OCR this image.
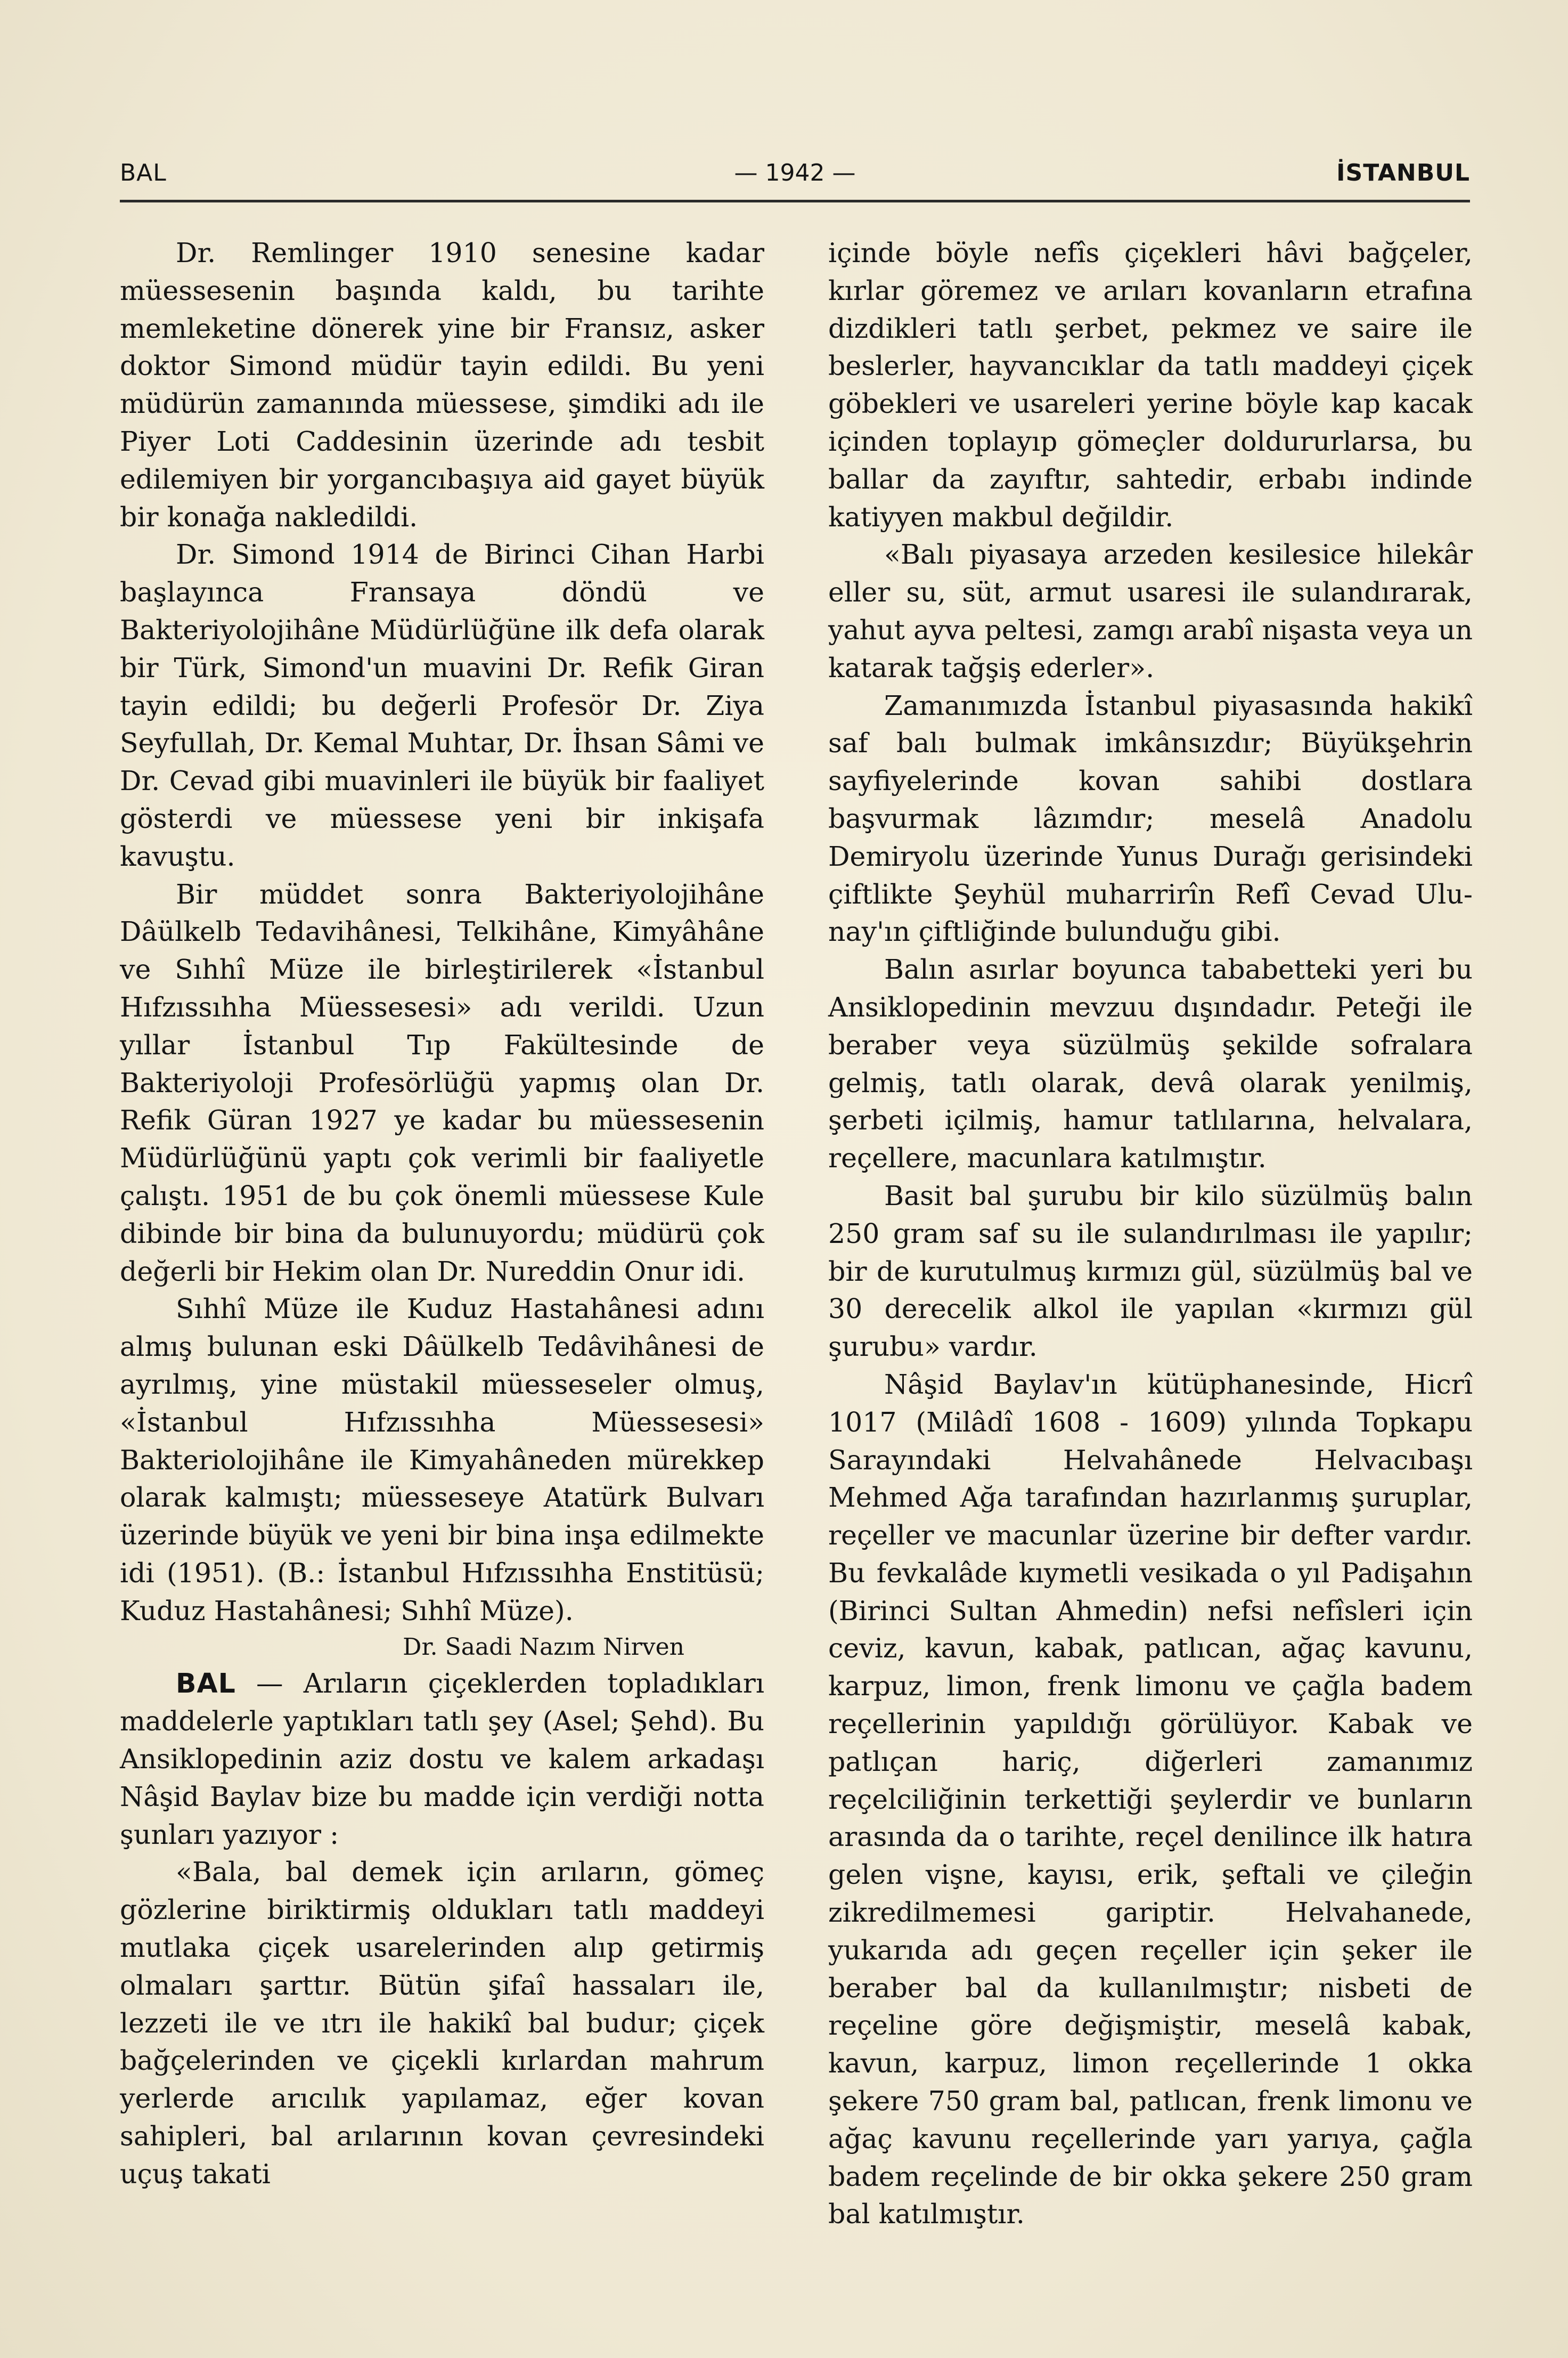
BAL	— 1942 —	İSTANBUL

Dr. Remlinger 1910 senesine kadar müessesenin başında kaldı, bu tarihte memleketine dönerek yine bir Fransız, asker doktor Simond müdür tayin edildi. Bu yeni müdürün zamanında müessese, şimdiki adı ile Piyer Loti Caddesinin üzerinde adı tesbit edilemiyen bir yorgancıbaşıya aid gayet büyük bir konağa nakledildi.

Dr. Simond 1914 de Birinci Cihan Harbi başlayınca Fransaya döndü ve Bakteriyolojihâne Müdürlüğüne ilk defa olarak bir Türk, Simond'un muavini Dr. Refik Giran tayin edildi; bu değerli Profesör Dr. Ziya Seyfullah, Dr. Kemal Muhtar, Dr. İhsan Sâmi ve Dr. Cevad gibi muavinleri ile büyük bir faaliyet gösterdi ve müessese yeni bir inkişafa kavuştu.

Bir müddet sonra Bakteriyolojihâne Dâülkelb Tedavihânesi, Telkihâne, Kimyâhâne ve Sıhhî Müze ile birleştirilerek «İstanbul Hıfzıssıhha Müessesesi» adı verildi. Uzun yıllar İstanbul Tıp Fakültesinde de Bakteriyoloji Profesörlüğü yapmış olan Dr. Refik Güran 1927 ye kadar bu müessesenin Müdürlüğünü yaptı çok verimli bir faaliyetle çalıştı. 1951 de bu çok önemli müessese Kule dibinde bir bina da bulunuyordu; müdürü çok değerli bir Hekim olan Dr. Nureddin Onur idi.

Sıhhî Müze ile Kuduz Hastahânesi adını almış bulunan eski Dâülkelb Tedâvihânesi de ayrılmış, yine müstakil müesseseler olmuş, «İstanbul Hıfzıssıhha Müessesesi» Bakteriolojihâne ile Kimyahâneden mürekkep olarak kalmıştı; müesseseye Atatürk Bulvarı üzerinde büyük ve yeni bir bina inşa edilmekte idi (1951). (B.: İstanbul Hıfzıssıhha Enstitüsü; Kuduz Hastahânesi; Sıhhî Müze).

Dr. Saadi Nazım Nirven

BAL — Arıların çiçeklerden topladıkları maddelerle yaptıkları tatlı şey (Asel; Şehd). Bu Ansiklopedinin aziz dostu ve kalem arkadaşı Nâşid Baylav bize bu madde için verdiği notta şunları yazıyor :

«Bala, bal demek için arıların, gömeç gözlerine biriktirmiş oldukları tatlı maddeyi mutlaka çiçek usarelerinden alıp getirmiş olmaları şarttır. Bütün şifaî hassaları ile, lezzeti ile ve ıtrı ile hakikî bal budur; çiçek bağçelerinden ve çiçekli kırlardan mahrum yerlerde arıcılık yapılamaz, eğer kovan sahipleri, bal arılarının kovan çevresindeki uçuş takati

içinde böyle nefîs çiçekleri hâvi bağçeler, kırlar göremez ve arıları kovanların etrafına dizdikleri tatlı şerbet, pekmez ve saire ile beslerler, hayvancıklar da tatlı maddeyi çiçek göbekleri ve usareleri yerine böyle kap kacak içinden toplayıp gömeçler doldururlarsa, bu ballar da zayıftır, sahtedir, erbabı indinde katiyyen makbul değildir.

«Balı piyasaya arzeden kesilesice hilekâr eller su, süt, armut usaresi ile sulandırarak, yahut ayva peltesi, zamgı arabî nişasta veya un katarak tağşiş ederler».

Zamanımızda İstanbul piyasasında hakikî saf balı bulmak imkânsızdır; Büyükşehrin sayfiyelerinde kovan sahibi dostlara başvurmak lâzımdır; meselâ Anadolu Demiryolu üzerinde Yunus Durağı gerisindeki çiftlikte Şeyhül muharrirîn Refî Cevad Ulu-nay'ın çiftliğinde bulunduğu gibi.

Balın asırlar boyunca tababetteki yeri bu Ansiklopedinin mevzuu dışındadır. Peteği ile beraber veya süzülmüş şekilde sofralara gelmiş, tatlı olarak, devâ olarak yenilmiş, şerbeti içilmiş, hamur tatlılarına, helvalara, reçellere, macunlara katılmıştır.

Basit bal şurubu bir kilo süzülmüş balın 250 gram saf su ile sulandırılması ile yapılır; bir de kurutulmuş kırmızı gül, süzülmüş bal ve 30 derecelik alkol ile yapılan «kırmızı gül şurubu» vardır.

Nâşid Baylav'ın kütüphanesinde, Hicrî 1017 (Milâdî 1608 - 1609) yılında Topkapu Sarayındaki Helvahânede Helvacıbaşı Mehmed Ağa tarafından hazırlanmış şuruplar, reçeller ve macunlar üzerine bir defter vardır. Bu fevkalâde kıymetli vesikada o yıl Padişahın (Birinci Sultan Ahmedin) nefsi nefîsleri için ceviz, kavun, kabak, patlıcan, ağaç kavunu, karpuz, limon, frenk limonu ve çağla badem reçellerinin yapıldığı görülüyor. Kabak ve patlıçan hariç, diğerleri zamanımız reçelciliğinin terkettiği şeylerdir ve bunların arasında da o tarihte, reçel denilince ilk hatıra gelen vişne, kayısı, erik, şeftali ve çileğin zikredilmemesi gariptir. Helvahanede, yukarıda adı geçen reçeller için şeker ile beraber bal da kullanılmıştır; nisbeti de reçeline göre değişmiştir, meselâ kabak, kavun, karpuz, limon reçellerinde 1 okka şekere 750 gram bal, patlıcan, frenk limonu ve ağaç kavunu reçellerinde yarı yarıya, çağla badem reçelinde de bir okka şekere 250 gram bal katılmıştır.
